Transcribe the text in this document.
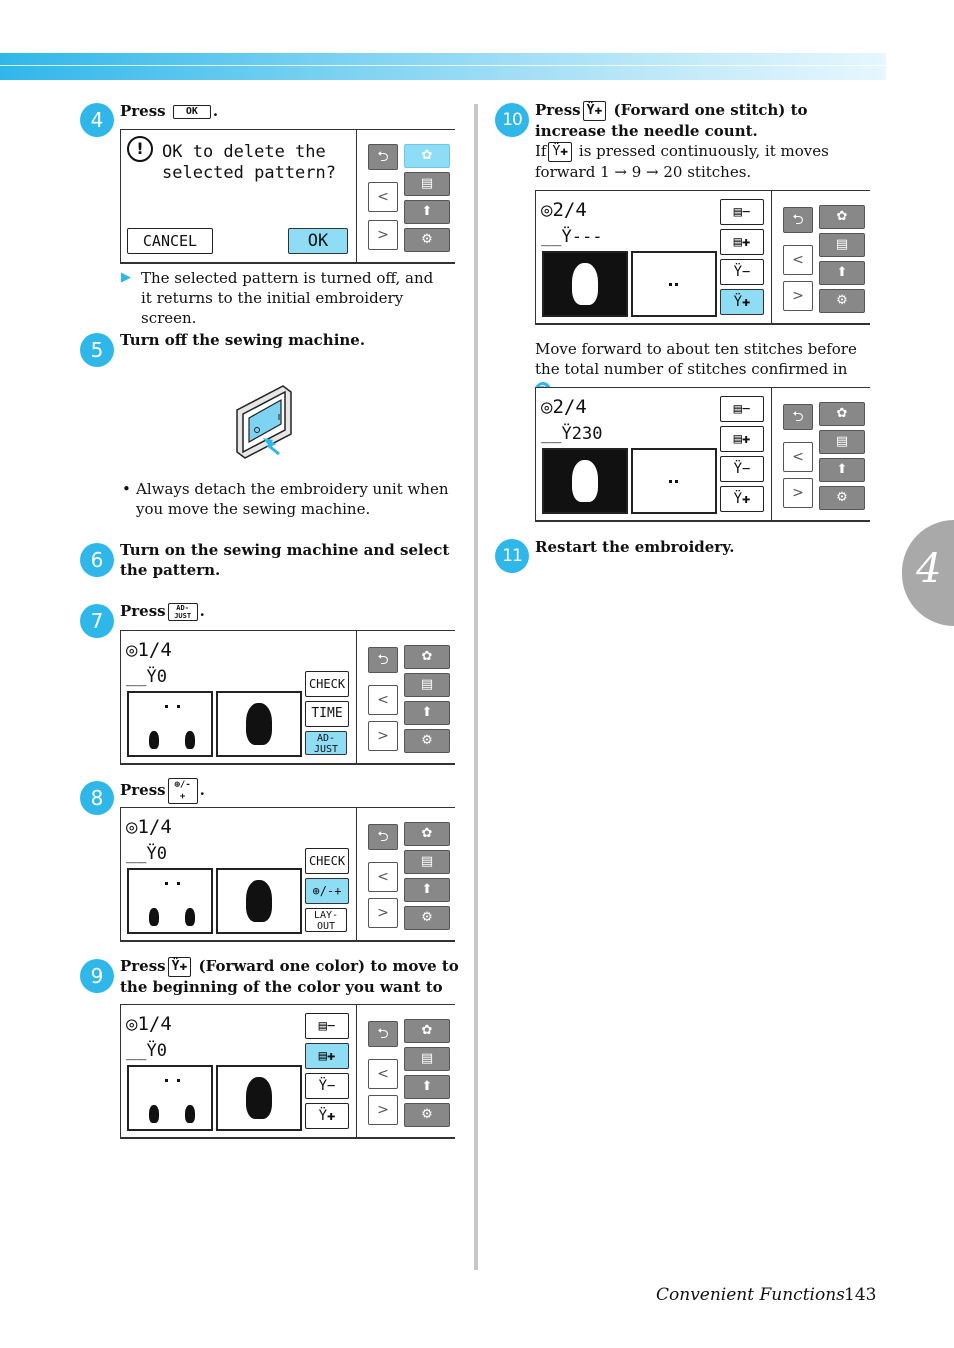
4
4	Press OK .
!	OK to delete the
selected pattern?
CANCEL	OK
⮌
<
>
✿
▤
⬆
⚙
▶ The selected pattern is turned off, and it returns to the initial embroidery screen.
5	Turn off the sewing machine.
• Always detach the embroidery unit when you move the sewing machine.
6	Turn on the sewing machine and select the pattern.
7	Press AD-JUST .
◎1/4
__Ÿ0	CHECK
TIME
AD-JUST
⮌
<
>
✿
▤
⬆
⚙
8	Press ⊕/-+ .
◎1/4
__Ÿ0	CHECK
⊕/-+
LAY-OUT
⮌
<
>
✿
▤
⬆
⚙
9	Press Ÿ✚ (Forward one color) to move to the beginning of the color you want to
◎1/4
__Ÿ0
▤−
▤✚
Ÿ−
Ÿ✚
⮌
<
>
✿
▤
⬆
⚙
10 Press Ÿ✚ (Forward one stitch) to increase the needle count.
If Ÿ✚ is pressed continuously, it moves forward 1 → 9 → 20 stitches.
◎2/4
__Ÿ---
▤−
▤✚
Ÿ−
Ÿ✚
⮌
<
>
✿
▤
⬆
⚙
Move forward to about ten stitches before the total number of stitches confirmed in
◎2/4
__Ÿ230
▤−
▤✚
Ÿ−
Ÿ✚
⮌
<
>
✿
▤
⬆
⚙
11 Restart the embroidery.
Convenient Functions 143
